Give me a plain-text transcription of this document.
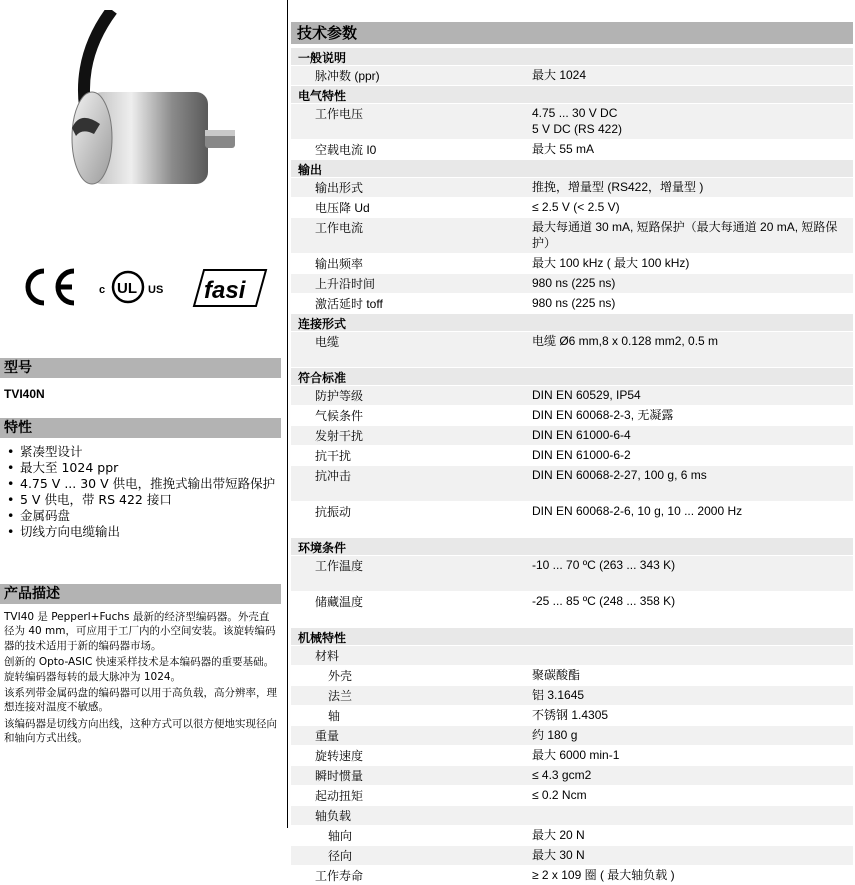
c UL US fasi
型号
TVI40N
特性
• 紧凑型设计
• 最大至 1024 ppr
• 4.75 V ... 30 V 供电，推挽式输出带短路保护
• 5 V 供电，带 RS 422 接口
• 金属码盘
• 切线方向电缆输出
产品描述

TVI40 是 Pepperl+Fuchs 最新的经济型编码器。外壳直径为 40 mm，可应用于工厂内的小空间安装。该旋转编码器的技术适用于新的编码器市场。

创新的 Opto-ASIC 快速采样技术是本编码器的重要基础。旋转编码器每转的最大脉冲为 1024。

该系列带金属码盘的编码器可以用于高负载，高分辨率，理想连接对温度不敏感。

该编码器是切线方向出线，这种方式可以很方便地实现径向和轴向方式出线。

技术参数
一般说明
脉冲数 (ppr)	最大 1024
电气特性
工作电压	4.75 ... 30 V DC
5 V DC (RS 422)
空载电流 I0	最大 55 mA
输出
输出形式	推挽，增量型 (RS422，增量型 )
电压降 Ud	≤ 2.5 V (< 2.5 V)
工作电流	最大每通道 30 mA, 短路保护（最大每通道 20 mA, 短路保护）
输出频率	最大 100 kHz ( 最大 100 kHz)
上升沿时间	980 ns (225 ns)
激活延时 toff	980 ns (225 ns)
连接形式
电缆	电缆 Ø6 mm,8 x 0.128 mm2, 0.5 m
符合标准
防护等级	DIN EN 60529, IP54
气候条件	DIN EN 60068-2-3, 无凝露
发射干扰	DIN EN 61000-6-4
抗干扰	DIN EN 61000-6-2
抗冲击	DIN EN 60068-2-27, 100 g, 6 ms
抗振动	DIN EN 60068-2-6, 10 g, 10 ... 2000 Hz
环境条件
工作温度	-10 ... 70 ºC (263 ... 343 K)
储藏温度	-25 ... 85 ºC (248 ... 358 K)
机械特性
材料
外壳	聚碳酸酯
法兰	铝 3.1645
轴	不锈钢 1.4305
重量	约 180 g
旋转速度	最大 6000 min-1
瞬时惯量	≤ 4.3 gcm2
起动扭矩	≤ 0.2 Ncm
轴负载
轴向	最大 20 N
径向	最大 30 N
工作寿命	≥ 2 x 109 圈 ( 最大轴负载 )
